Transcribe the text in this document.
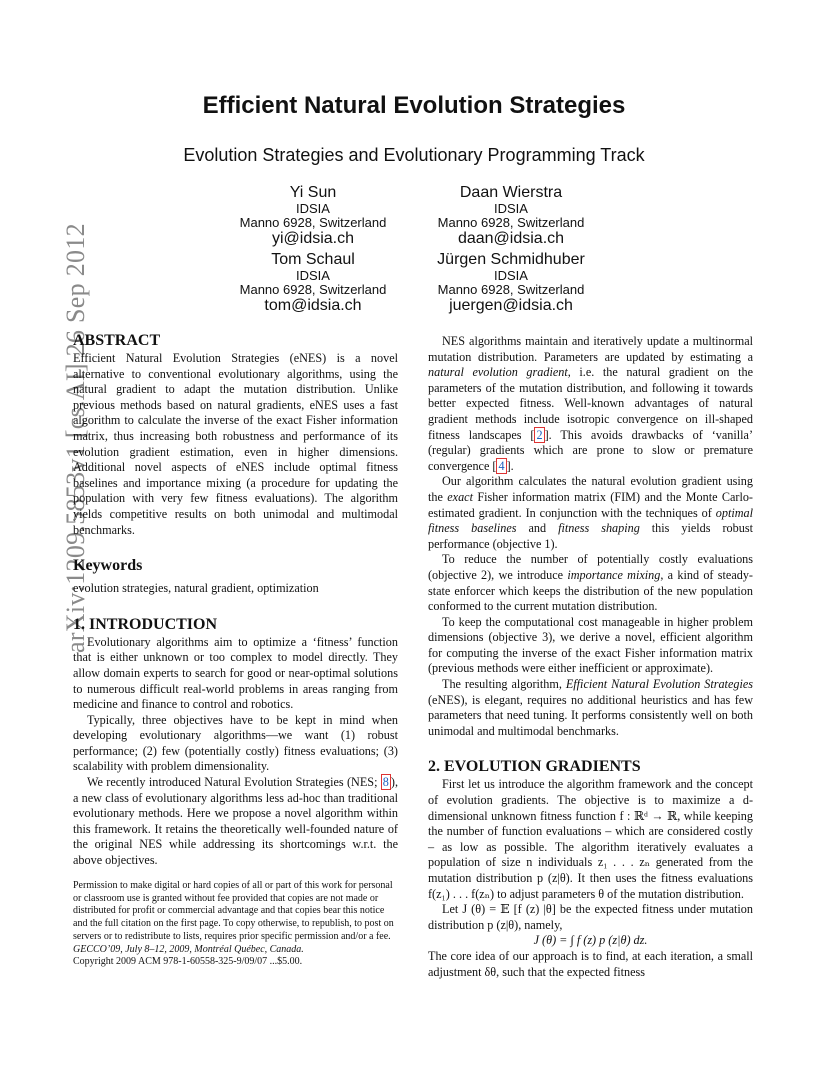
arXiv:1209.5853v1 [cs.AI] 26 Sep 2012
Efficient Natural Evolution Strategies
Evolution Strategies and Evolutionary Programming Track
Yi Sun
IDSIA
Manno 6928, Switzerland
yi@idsia.ch
Daan Wierstra
IDSIA
Manno 6928, Switzerland
daan@idsia.ch
Tom Schaul
IDSIA
Manno 6928, Switzerland
tom@idsia.ch
Jürgen Schmidhuber
IDSIA
Manno 6928, Switzerland
juergen@idsia.ch

ABSTRACT

Efficient Natural Evolution Strategies (eNES) is a novel alternative to conventional evolutionary algorithms, using the natural gradient to adapt the mutation distribution. Unlike previous methods based on natural gradients, eNES uses a fast algorithm to calculate the inverse of the exact Fisher information matrix, thus increasing both robustness and performance of its evolution gradient estimation, even in higher dimensions. Additional novel aspects of eNES include optimal fitness baselines and importance mixing (a procedure for updating the population with very few fitness evaluations). The algorithm yields competitive results on both unimodal and multimodal benchmarks.

Keywords

evolution strategies, natural gradient, optimization

1. INTRODUCTION

Evolutionary algorithms aim to optimize a ‘fitness’ function that is either unknown or too complex to model directly. They allow domain experts to search for good or near-optimal solutions to numerous difficult real-world problems in areas ranging from medicine and finance to control and robotics.

Typically, three objectives have to be kept in mind when developing evolutionary algorithms—we want (1) robust performance; (2) few (potentially costly) fitness evaluations; (3) scalability with problem dimensionality.

We recently introduced Natural Evolution Strategies (NES; 8 ), a new class of evolutionary algorithms less ad-hoc than traditional evolutionary methods. Here we propose a novel algorithm within this framework. It retains the theoretically well-founded nature of the original NES while addressing its shortcomings w.r.t. the above objectives.

Permission to make digital or hard copies of all or part of this work for personal or classroom use is granted without fee provided that copies are not made or distributed for profit or commercial advantage and that copies bear this notice and the full citation on the first page. To copy otherwise, to republish, to post on servers or to redistribute to lists, requires prior specific permission and/or a fee.

GECCO’09, July 8–12, 2009, Montréal Québec, Canada.

Copyright 2009 ACM 978-1-60558-325-9/09/07 ...$5.00.

NES algorithms maintain and iteratively update a multinormal mutation distribution. Parameters are updated by estimating a natural evolution gradient, i.e. the natural gradient on the parameters of the mutation distribution, and following it towards better expected fitness. Well-known advantages of natural gradient methods include isotropic convergence on ill-shaped fitness landscapes [ 2 ]. This avoids drawbacks of ‘vanilla’ (regular) gradients which are prone to slow or premature convergence [ 4 ].

Our algorithm calculates the natural evolution gradient using the exact Fisher information matrix (FIM) and the Monte Carlo-estimated gradient. In conjunction with the techniques of optimal fitness baselines and fitness shaping this yields robust performance (objective 1).

To reduce the number of potentially costly evaluations (objective 2), we introduce importance mixing, a kind of steady-state enforcer which keeps the distribution of the new population conformed to the current mutation distribution.

To keep the computational cost manageable in higher problem dimensions (objective 3), we derive a novel, efficient algorithm for computing the inverse of the exact Fisher information matrix (previous methods were either inefficient or approximate).

The resulting algorithm, Efficient Natural Evolution Strategies (eNES), is elegant, requires no additional heuristics and has few parameters that need tuning. It performs consistently well on both unimodal and multimodal benchmarks.

2. EVOLUTION GRADIENTS

First let us introduce the algorithm framework and the concept of evolution gradients. The objective is to maximize a d-dimensional unknown fitness function f : ℝᵈ → ℝ, while keeping the number of function evaluations – which are considered costly – as low as possible. The algorithm iteratively evaluates a population of size n individuals z₁ . . . zₙ generated from the mutation distribution p (z|θ). It then uses the fitness evaluations f(z₁) . . . f(zₙ) to adjust parameters θ of the mutation distribution.

Let J (θ) = 𝔼 [f (z) |θ] be the expected fitness under mutation distribution p (z|θ), namely,

J (θ) = ∫ f (z) p (z|θ) dz.

The core idea of our approach is to find, at each iteration, a small adjustment δθ, such that the expected fitness
